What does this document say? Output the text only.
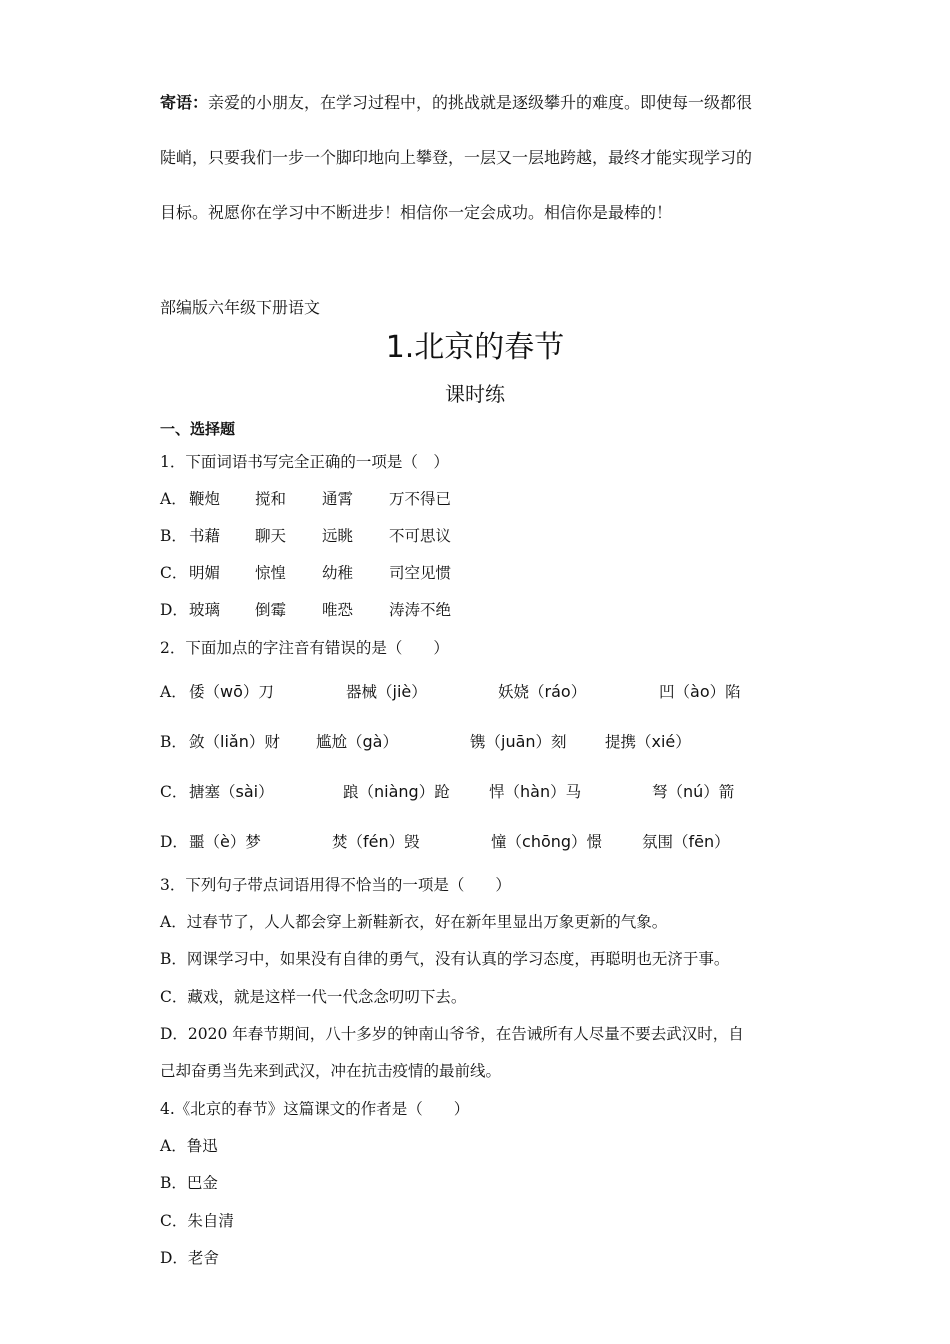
寄语：亲爱的小朋友，在学习过程中，的挑战就是逐级攀升的难度。即使每一级都很
陡峭，只要我们一步一个脚印地向上攀登，一层又一层地跨越，最终才能实现学习的
目标。祝愿你在学习中不断进步！相信你一定会成功。相信你是最棒的！
部编版六年级下册语文
1.北京的春节
课时练
一、选择题
1．下面词语书写完全正确的一项是（　）
A． 鞭炮 搅和 通霄 万不得已
B． 书藉 聊天 远眺 不可思议
C． 明媚 惊惶 幼稚 司空见惯
D． 玻璃 倒霉 唯恐 涛涛不绝
2．下面加点的字注音有错误的是（　　）
A． 倭（wō）刀	器械（jiè）	妖娆（ráo）	凹（ào）陷
B． 敛（liǎn）财 尴尬（gà）	镌（juān）刻 提携（xié）
C． 搪塞（sài）	踉（niàng）跄	悍（hàn）马	弩（nú）箭
D． 噩（è）梦	焚（fén）毁	憧（chōng）憬	氛围（fēn）
3．下列句子带点词语用得不恰当的一项是（　　）
A．过春节了，人人都会穿上新鞋新衣，好在新年里显出万象更新的气象。
B．网课学习中，如果没有自律的勇气，没有认真的学习态度，再聪明也无济于事。
C．藏戏，就是这样一代一代念念叨叨下去。
D．2020 年春节期间，八十多岁的钟南山爷爷，在告诫所有人尽量不要去武汉时，自
己却奋勇当先来到武汉，冲在抗击疫情的最前线。
4.《北京的春节》这篇课文的作者是（　　）
A．鲁迅
B．巴金
C．朱自清
D．老舍
